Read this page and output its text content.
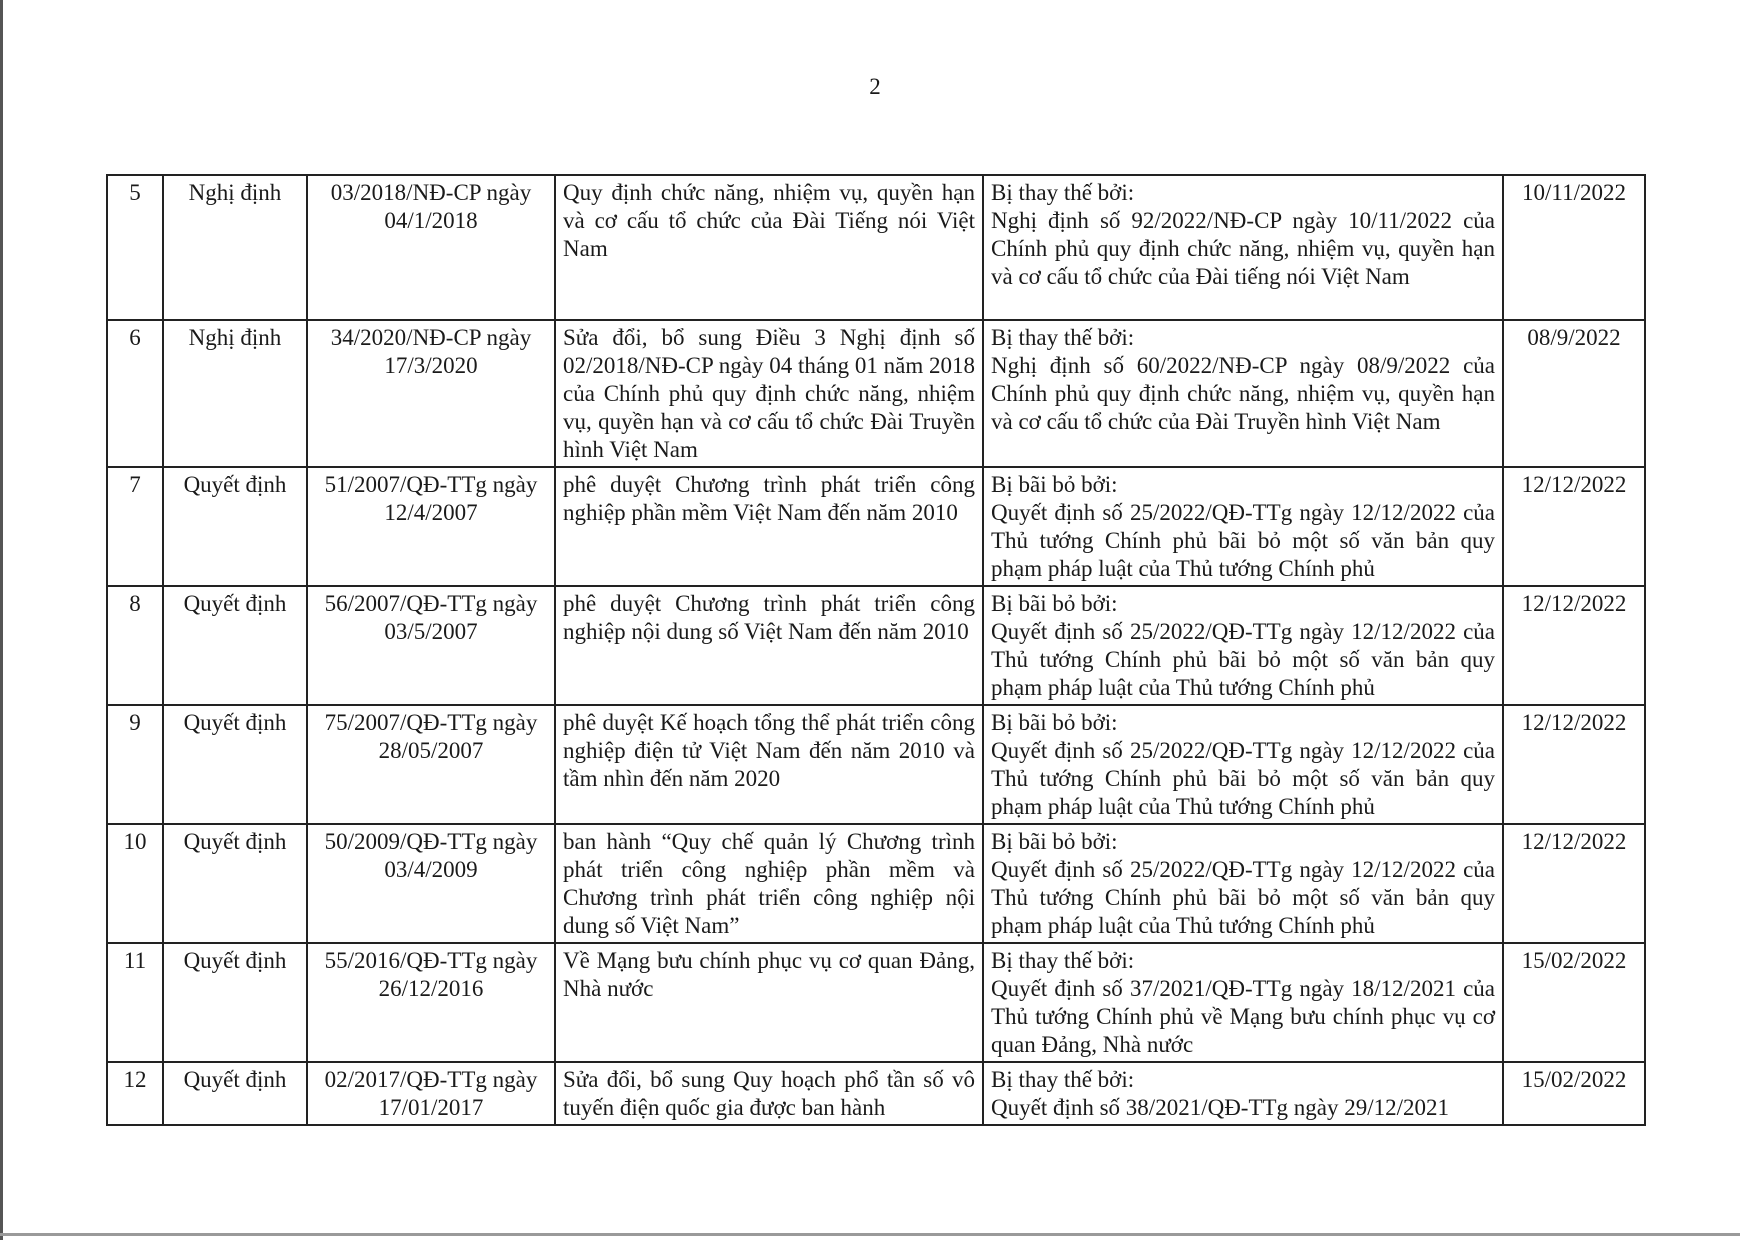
2
5	Nghị định	03/2018/NĐ-CP ngày 04/1/2018	Quy định chức năng, nhiệm vụ, quyền hạn và cơ cấu tổ chức của Đài Tiếng nói Việt Nam	Bị thay thế bởi:
Nghị định số 92/2022/NĐ-CP ngày 10/11/2022 của Chính phủ quy định chức năng, nhiệm vụ, quyền hạn và cơ cấu tổ chức của Đài tiếng nói Việt Nam	10/11/2022
6	Nghị định	34/2020/NĐ-CP ngày 17/3/2020	Sửa đổi, bổ sung Điều 3 Nghị định số 02/2018/NĐ-CP ngày 04 tháng 01 năm 2018 của Chính phủ quy định chức năng, nhiệm vụ, quyền hạn và cơ cấu tổ chức Đài Truyền hình Việt Nam	Bị thay thế bởi:
Nghị định số 60/2022/NĐ-CP ngày 08/9/2022 của Chính phủ quy định chức năng, nhiệm vụ, quyền hạn và cơ cấu tổ chức của Đài Truyền hình Việt Nam	08/9/2022
7	Quyết định	51/2007/QĐ-TTg ngày 12/4/2007	phê duyệt Chương trình phát triển công nghiệp phần mềm Việt Nam đến năm 2010	Bị bãi bỏ bởi:
Quyết định số 25/2022/QĐ-TTg ngày 12/12/2022 của Thủ tướng Chính phủ bãi bỏ một số văn bản quy phạm pháp luật của Thủ tướng Chính phủ	12/12/2022
8	Quyết định	56/2007/QĐ-TTg ngày 03/5/2007	phê duyệt Chương trình phát triển công nghiệp nội dung số Việt Nam đến năm 2010	Bị bãi bỏ bởi:
Quyết định số 25/2022/QĐ-TTg ngày 12/12/2022 của Thủ tướng Chính phủ bãi bỏ một số văn bản quy phạm pháp luật của Thủ tướng Chính phủ	12/12/2022
9	Quyết định	75/2007/QĐ-TTg ngày 28/05/2007	phê duyệt Kế hoạch tổng thể phát triển công nghiệp điện tử Việt Nam đến năm 2010 và tầm nhìn đến năm 2020	Bị bãi bỏ bởi:
Quyết định số 25/2022/QĐ-TTg ngày 12/12/2022 của Thủ tướng Chính phủ bãi bỏ một số văn bản quy phạm pháp luật của Thủ tướng Chính phủ	12/12/2022
10	Quyết định	50/2009/QĐ-TTg ngày 03/4/2009	ban hành “Quy chế quản lý Chương trình phát triển công nghiệp phần mềm và Chương trình phát triển công nghiệp nội dung số Việt Nam”	Bị bãi bỏ bởi:
Quyết định số 25/2022/QĐ-TTg ngày 12/12/2022 của Thủ tướng Chính phủ bãi bỏ một số văn bản quy phạm pháp luật của Thủ tướng Chính phủ	12/12/2022
11	Quyết định	55/2016/QĐ-TTg ngày 26/12/2016	Về Mạng bưu chính phục vụ cơ quan Đảng, Nhà nước	Bị thay thế bởi:
Quyết định số 37/2021/QĐ-TTg ngày 18/12/2021 của Thủ tướng Chính phủ về Mạng bưu chính phục vụ cơ quan Đảng, Nhà nước	15/02/2022
12	Quyết định	02/2017/QĐ-TTg ngày 17/01/2017	Sửa đổi, bổ sung Quy hoạch phổ tần số vô tuyến điện quốc gia được ban hành	Bị thay thế bởi:
Quyết định số 38/2021/QĐ-TTg ngày 29/12/2021	15/02/2022
